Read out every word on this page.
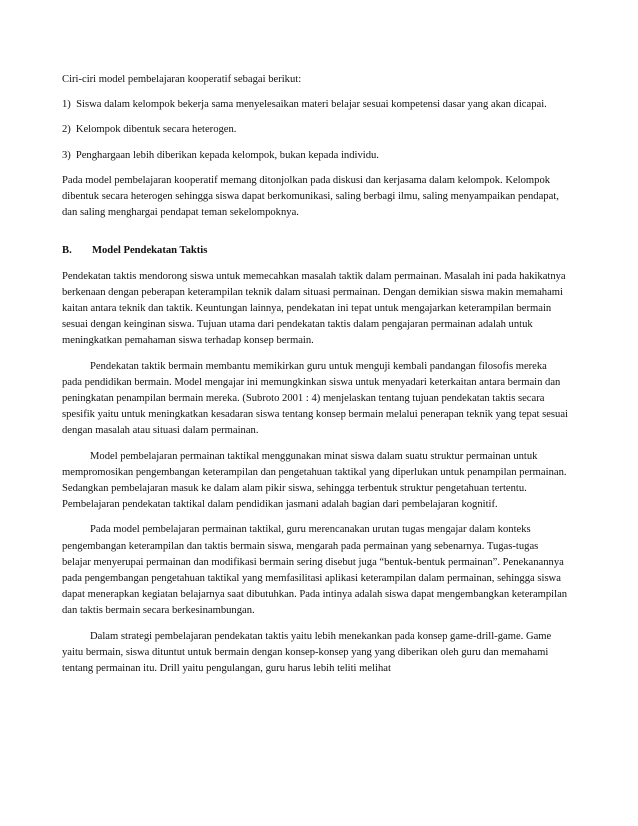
Ciri-ciri model pembelajaran kooperatif sebagai berikut:

1)  Siswa dalam kelompok bekerja sama menyelesaikan materi belajar sesuai kompetensi dasar yang akan dicapai.
2) Kelompok dibentuk secara heterogen.
3) Penghargaan lebih diberikan kepada kelompok, bukan kepada individu.

Pada model pembelajaran kooperatif memang ditonjolkan pada diskusi dan kerjasama dalam kelompok. Kelompok dibentuk secara heterogen sehingga siswa dapat berkomunikasi, saling berbagi ilmu, saling menyampaikan pendapat, dan saling menghargai pendapat teman sekelompoknya.

B.	Model Pendekatan Taktis

Pendekatan taktis mendorong siswa untuk memecahkan masalah taktik dalam permainan. Masalah ini pada hakikatnya berkenaan dengan peberapan keterampilan teknik dalam situasi permainan. Dengan demikian siswa makin memahami kaitan antara teknik dan taktik. Keuntungan lainnya, pendekatan ini tepat untuk mengajarkan keterampilan bermain sesuai dengan keinginan siswa. Tujuan utama dari pendekatan taktis dalam pengajaran permainan adalah untuk meningkatkan pemahaman siswa terhadap konsep bermain.

Pendekatan taktik bermain membantu memikirkan guru untuk menguji kembali pandangan filosofis mereka pada pendidikan bermain. Model mengajar ini memungkinkan siswa untuk menyadari keterkaitan antara bermain dan peningkatan penampilan bermain mereka. (Subroto 2001 : 4) menjelaskan tentang tujuan pendekatan taktis secara spesifik yaitu untuk meningkatkan kesadaran siswa tentang konsep bermain melalui penerapan teknik yang tepat sesuai dengan masalah atau situasi dalam permainan.

Model pembelajaran permainan taktikal menggunakan minat siswa dalam suatu struktur permainan untuk mempromosikan pengembangan keterampilan dan pengetahuan taktikal yang diperlukan untuk penampilan permainan. Sedangkan pembelajaran masuk ke dalam alam pikir siswa, sehingga terbentuk struktur pengetahuan tertentu. Pembelajaran pendekatan taktikal dalam pendidikan jasmani adalah bagian dari pembelajaran kognitif.

Pada model pembelajaran permainan taktikal, guru merencanakan urutan tugas mengajar dalam konteks pengembangan keterampilan dan taktis bermain siswa, mengarah pada permainan yang sebenarnya. Tugas-tugas belajar menyerupai permainan dan modifikasi bermain sering disebut juga “bentuk-bentuk permainan”. Penekanannya pada pengembangan pengetahuan taktikal yang memfasilitasi aplikasi keterampilan dalam permainan, sehingga siswa dapat menerapkan kegiatan belajarnya saat dibutuhkan. Pada intinya adalah siswa dapat mengembangkan keterampilan dan taktis bermain secara berkesinambungan.

Dalam strategi pembelajaran pendekatan taktis yaitu lebih menekankan pada konsep game-drill-game. Game yaitu bermain, siswa dituntut untuk bermain dengan konsep-konsep yang yang diberikan oleh guru dan memahami tentang permainan itu. Drill yaitu pengulangan, guru harus lebih teliti melihat
